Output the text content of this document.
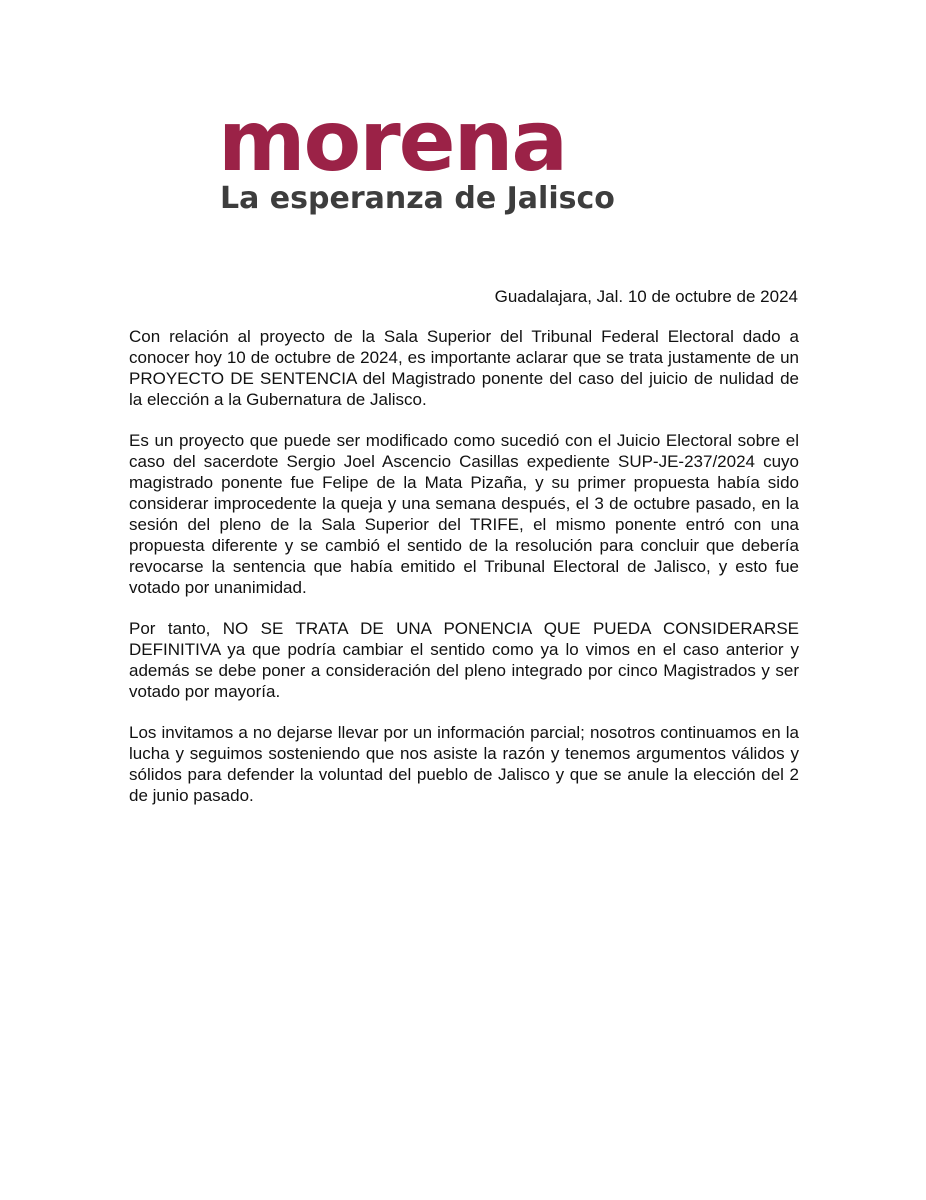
morena

La esperanza de Jalisco

Guadalajara, Jal. 10 de octubre de 2024

Con relación al proyecto de la Sala Superior del Tribunal Federal Electoral dado a conocer hoy 10 de octubre de 2024, es importante aclarar que se trata justamente de un PROYECTO DE SENTENCIA del Magistrado ponente del caso del juicio de nulidad de la elección a la Gubernatura de Jalisco.

Es un proyecto que puede ser modificado como sucedió con el Juicio Electoral sobre el caso del sacerdote Sergio Joel Ascencio Casillas expediente SUP-JE-237/2024 cuyo magistrado ponente fue Felipe de la Mata Pizaña, y su primer propuesta había sido considerar improcedente la queja y una semana después, el 3 de octubre pasado, en la sesión del pleno de la Sala Superior del TRIFE, el mismo ponente entró con una propuesta diferente y se cambió el sentido de la resolución para concluir que debería revocarse la sentencia que había emitido el Tribunal Electoral de Jalisco, y esto fue votado por unanimidad.

Por tanto, NO SE TRATA DE UNA PONENCIA QUE PUEDA CONSIDERARSE DEFINITIVA ya que podría cambiar el sentido como ya lo vimos en el caso anterior y además se debe poner a consideración del pleno integrado por cinco Magistrados y ser votado por mayoría.

Los invitamos a no dejarse llevar por un información parcial; nosotros continuamos en la lucha y seguimos sosteniendo que nos asiste la razón y tenemos argumentos válidos y sólidos para defender la voluntad del pueblo de Jalisco y que se anule la elección del 2 de junio pasado.
